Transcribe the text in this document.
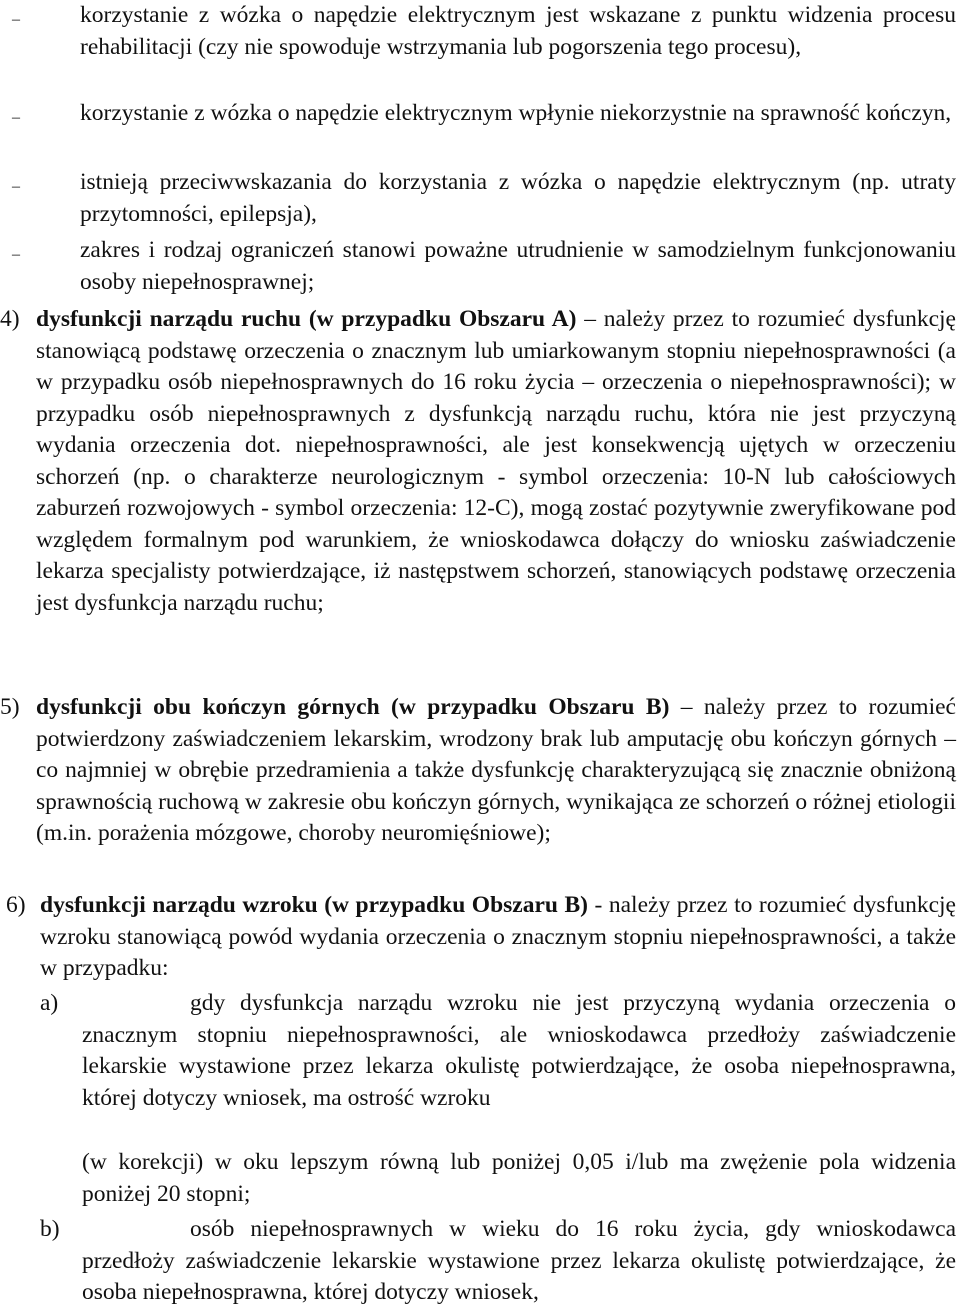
–	korzystanie z wózka o napędzie elektrycznym jest wskazane z punktu widzenia procesu rehabilitacji (czy nie spowoduje wstrzymania lub pogorszenia tego procesu),

–	korzystanie z wózka o napędzie elektrycznym wpłynie niekorzystnie na sprawność kończyn,

–	istnieją przeciwwskazania do korzystania z wózka o napędzie elektrycznym (np. utraty przytomności, epilepsja),

–	zakres i rodzaj ograniczeń stanowi poważne utrudnienie w samodzielnym funkcjonowaniu osoby niepełnosprawnej;

4) dysfunkcji narządu ruchu (w przypadku Obszaru A) – należy przez to rozumieć dysfunkcję stanowiącą podstawę orzeczenia o znacznym lub umiarkowanym stopniu niepełnosprawności (a w przypadku osób niepełnosprawnych do 16 roku życia – orzeczenia o niepełnosprawności); w przypadku osób niepełnosprawnych z dysfunkcją narządu ruchu, która nie jest przyczyną wydania orzeczenia dot. niepełnosprawności, ale jest konsekwencją ujętych w orzeczeniu schorzeń (np. o charakterze neurologicznym - symbol orzeczenia: 10-N lub całościowych zaburzeń rozwojowych - symbol orzeczenia: 12-C), mogą zostać pozytywnie zweryfikowane pod względem formalnym pod warunkiem, że wnioskodawca dołączy do wniosku zaświadczenie lekarza specjalisty potwierdzające, iż następstwem schorzeń, stanowiących podstawę orzeczenia jest dysfunkcja narządu ruchu;

5) dysfunkcji obu kończyn górnych (w przypadku Obszaru B) – należy przez to rozumieć potwierdzony zaświadczeniem lekarskim, wrodzony brak lub amputację obu kończyn górnych – co najmniej w obrębie przedramienia a także dysfunkcję charakteryzującą się znacznie obniżoną sprawnością ruchową w zakresie obu kończyn górnych, wynikająca ze schorzeń o różnej etiologii (m.in. porażenia mózgowe, choroby neuromięśniowe);

6) dysfunkcji narządu wzroku (w przypadku Obszaru B) - należy przez to rozumieć dysfunkcję wzroku stanowiącą powód wydania orzeczenia o znacznym stopniu niepełnosprawności, a także w przypadku:

a)	gdy dysfunkcja narządu wzroku nie jest przyczyną wydania orzeczenia o znacznym stopniu niepełnosprawności, ale wnioskodawca przedłoży zaświadczenie lekarskie wystawione przez lekarza okulistę potwierdzające, że osoba niepełnosprawna, której dotyczy wniosek, ma ostrość wzroku

(w korekcji) w oku lepszym równą lub poniżej 0,05 i/lub ma zwężenie pola widzenia poniżej 20 stopni;

b)	osób niepełnosprawnych w wieku do 16 roku życia, gdy wnioskodawca przedłoży zaświadczenie lekarskie wystawione przez lekarza okulistę potwierdzające, że osoba niepełnosprawna, której dotyczy wniosek,
